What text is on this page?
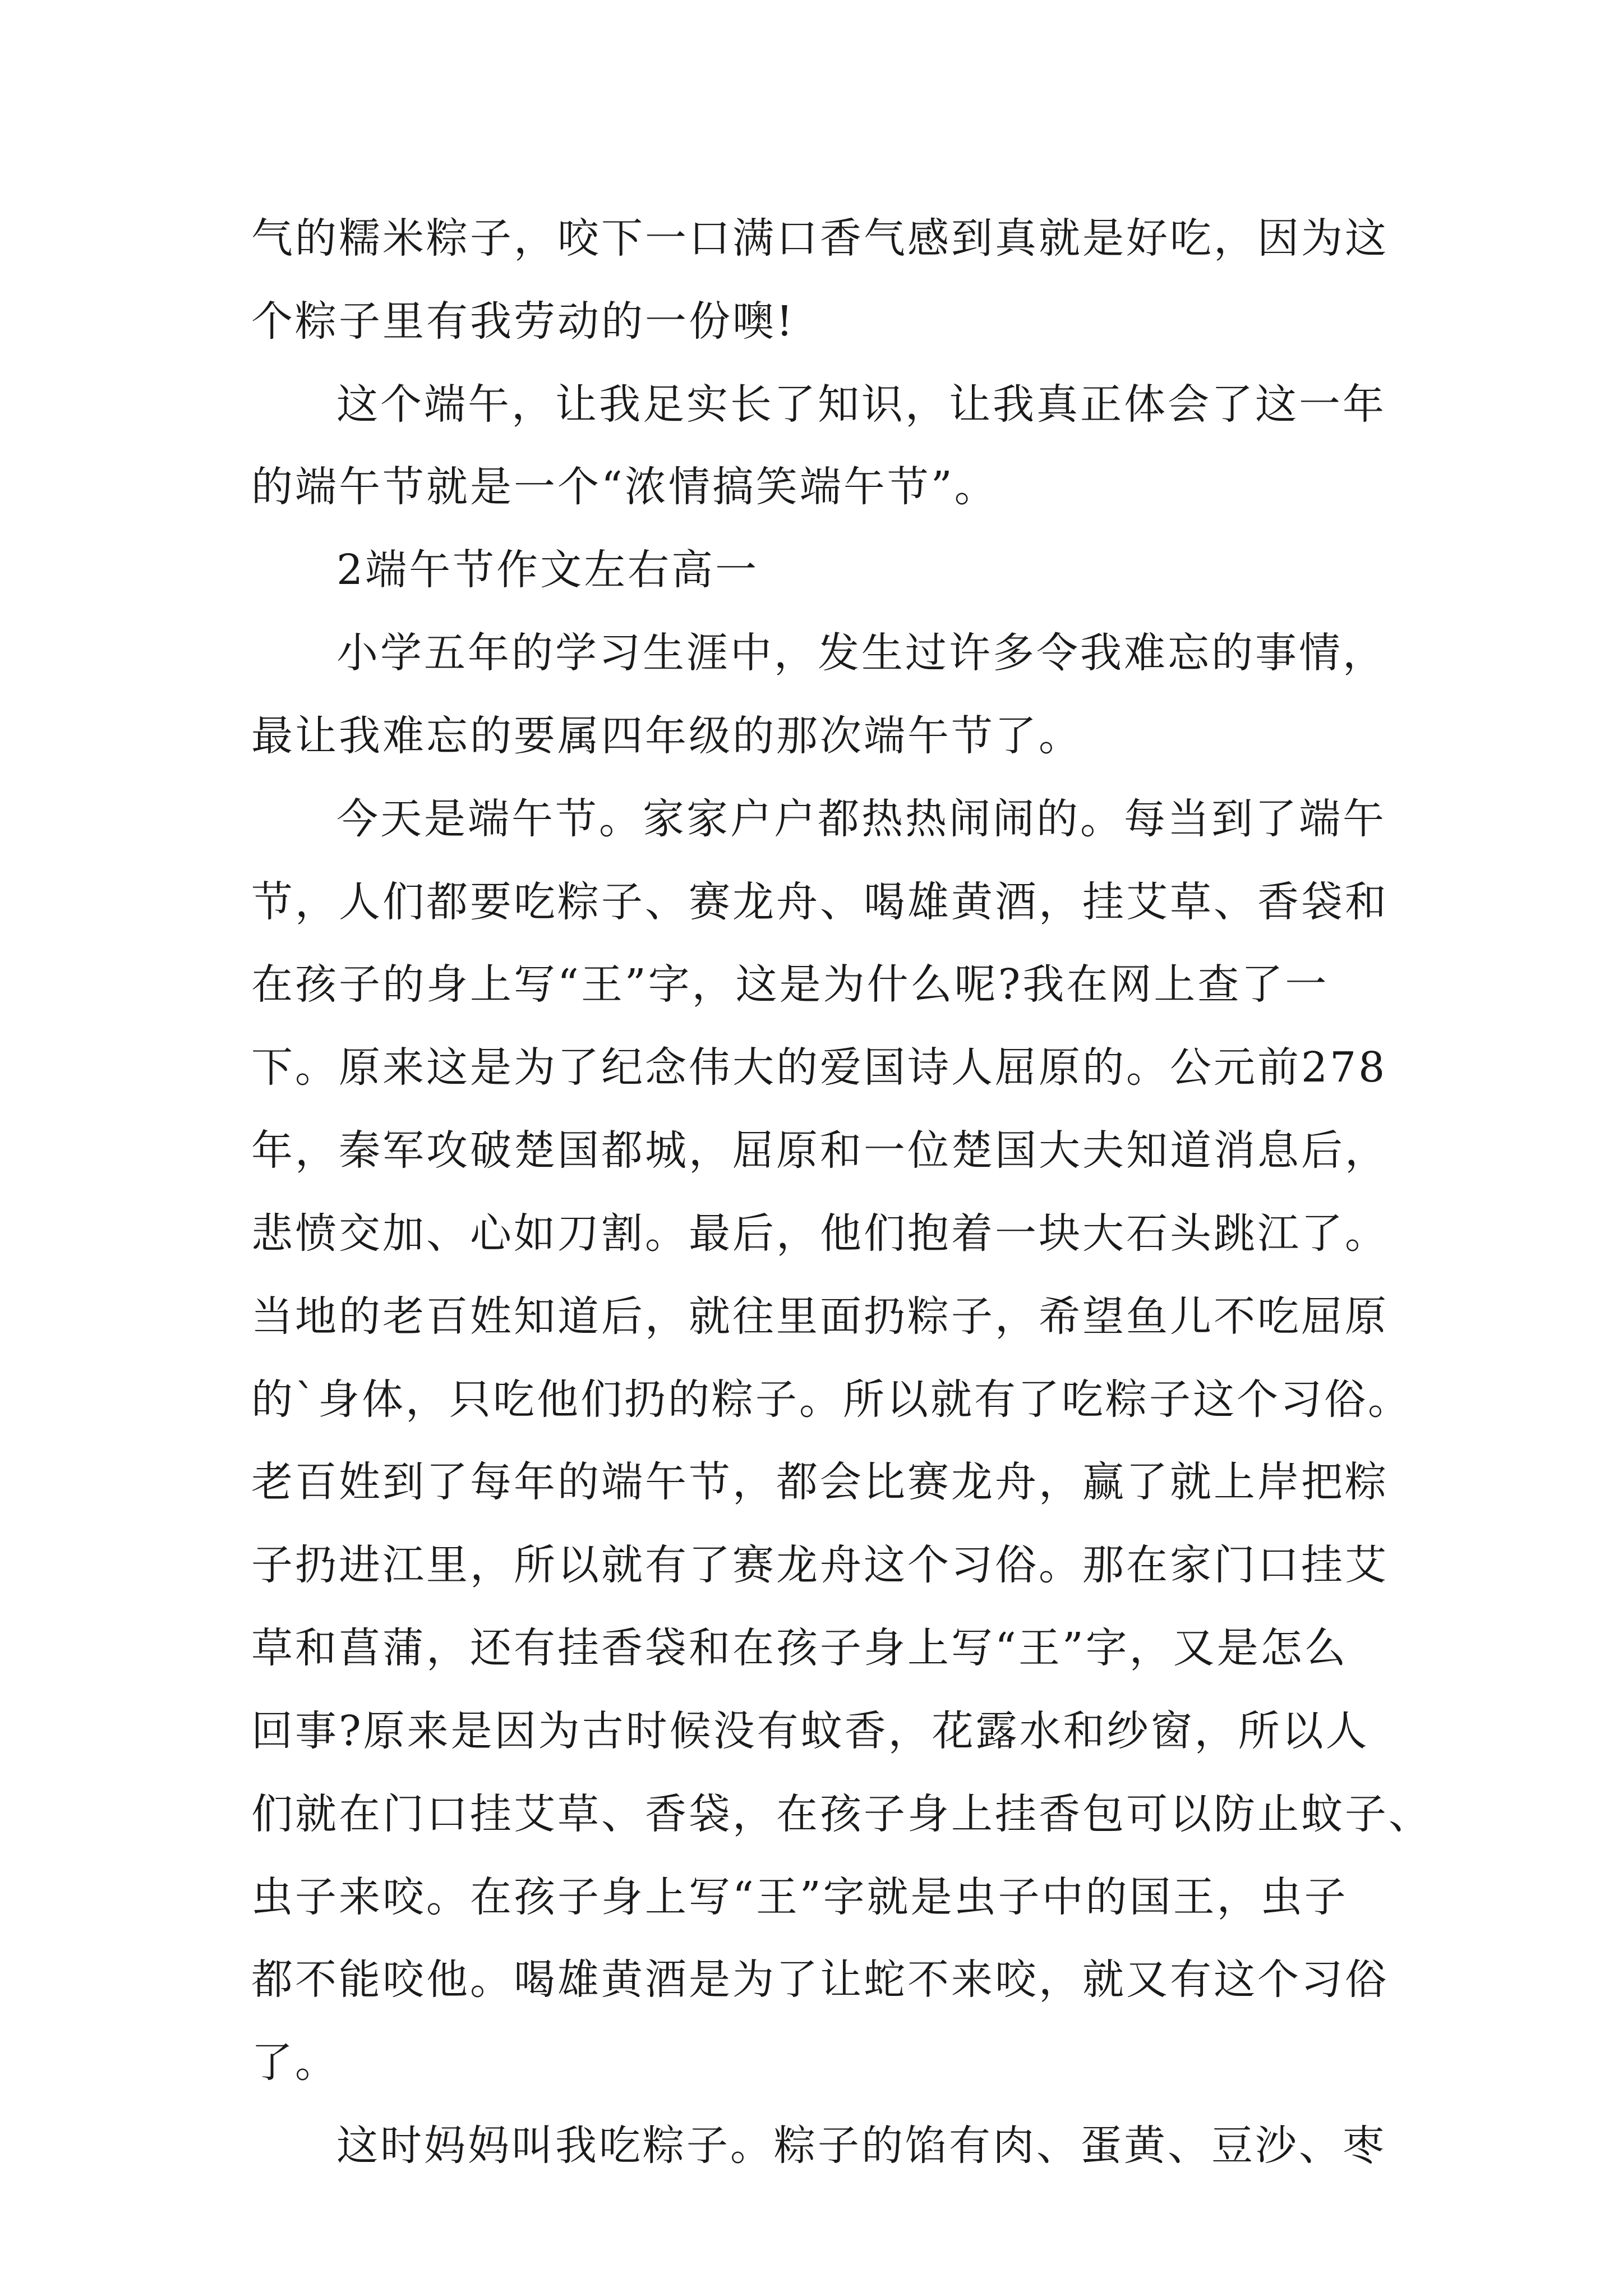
气的糯米粽子，咬下一口满口香气感到真就是好吃，因为这

个粽子里有我劳动的一份噢!

这个端午，让我足实长了知识，让我真正体会了这一年

的端午节就是一个“浓情搞笑端午节”。

2端午节作文左右高一

小学五年的学习生涯中，发生过许多令我难忘的事情，

最让我难忘的要属四年级的那次端午节了。

今天是端午节。家家户户都热热闹闹的。每当到了端午

节，人们都要吃粽子、赛龙舟、喝雄黄酒，挂艾草、香袋和

在孩子的身上写“王”字，这是为什么呢?我在网上查了一

下。原来这是为了纪念伟大的爱国诗人屈原的。公元前278

年，秦军攻破楚国都城，屈原和一位楚国大夫知道消息后，

悲愤交加、心如刀割。最后，他们抱着一块大石头跳江了。

当地的老百姓知道后，就往里面扔粽子，希望鱼儿不吃屈原

的`身体，只吃他们扔的粽子。所以就有了吃粽子这个习俗。

老百姓到了每年的端午节，都会比赛龙舟，赢了就上岸把粽

子扔进江里，所以就有了赛龙舟这个习俗。那在家门口挂艾

草和菖蒲，还有挂香袋和在孩子身上写“王”字，又是怎么

回事?原来是因为古时候没有蚊香，花露水和纱窗，所以人

们就在门口挂艾草、香袋，在孩子身上挂香包可以防止蚊子、

虫子来咬。在孩子身上写“王”字就是虫子中的国王，虫子

都不能咬他。喝雄黄酒是为了让蛇不来咬，就又有这个习俗

了。

这时妈妈叫我吃粽子。粽子的馅有肉、蛋黄、豆沙、枣
